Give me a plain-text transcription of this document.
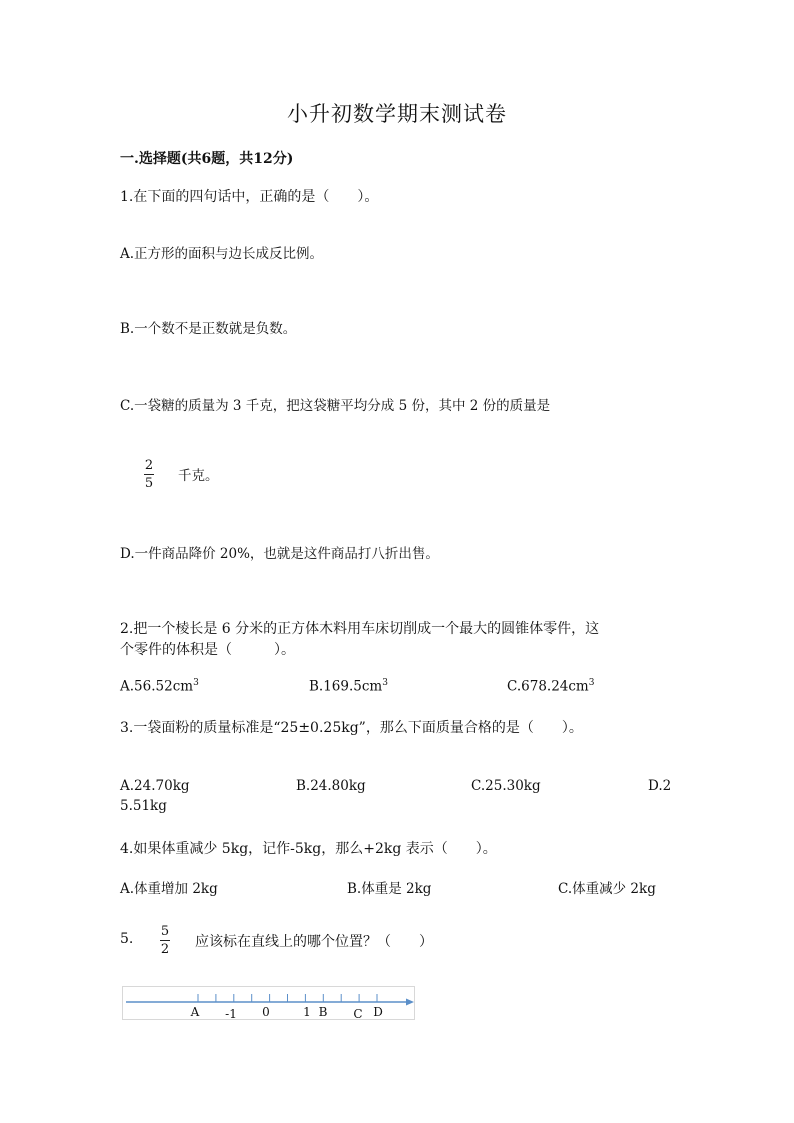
小升初数学期末测试卷
一.选择题(共6题，共12分)
1.在下面的四句话中，正确的是（　　）。
A.正方形的面积与边长成反比例。
B.一个数不是正数就是负数。
C.一袋糖的质量为 3 千克，把这袋糖平均分成 5 份，其中 2 份的质量是
2
5 千克。
D.一件商品降价 20%，也就是这件商品打八折出售。
2.把一个棱长是 6 分米的正方体木料用车床切削成一个最大的圆锥体零件，这
个零件的体积是（　　　）。
$A.56.52cm^3$	$B.169.5cm^3$	$C.678.24cm^3$
3.一袋面粉的质量标准是“25±0.25kg”，那么下面质量合格的是（　　）。
A.24.70kg	B.24.80kg	C.25.30kg	D.2
5.51kg
4.如果体重减少 5kg，记作-5kg，那么+2kg 表示（　　）。
A.体重增加 2kg	B.体重是 2kg	C.体重减少 2kg
5. 5
2 应该标在直线上的哪个位置？（　　）
A -1 0	1 B C D
